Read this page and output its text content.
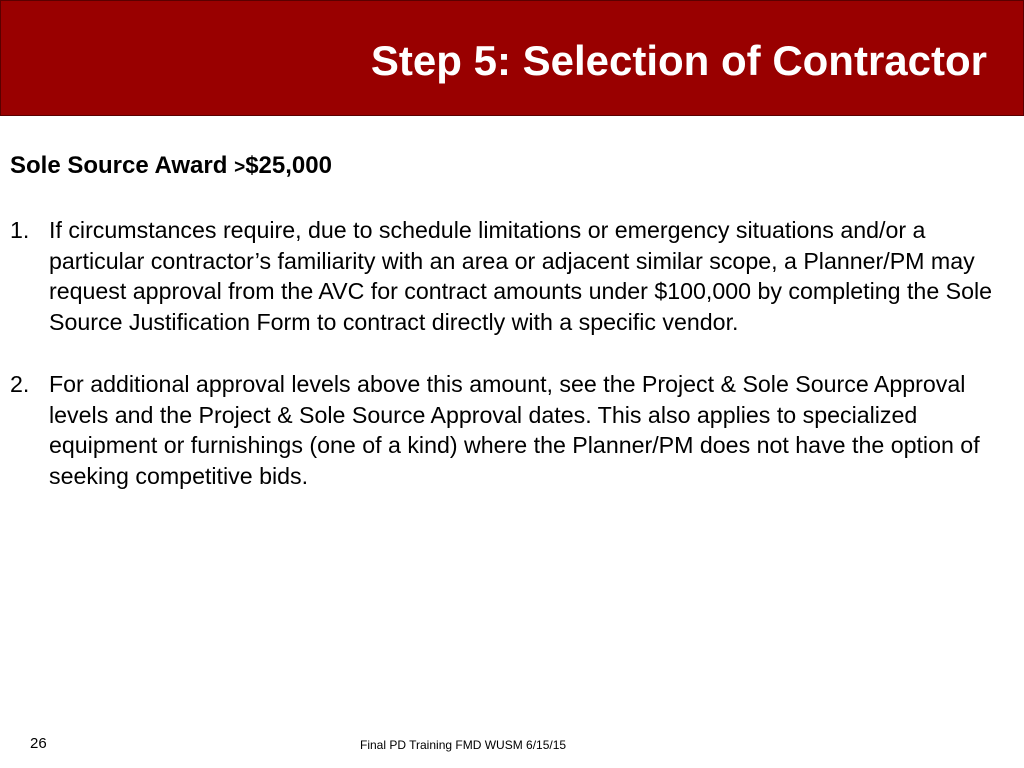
Step 5: Selection of Contractor
Sole Source Award >$25,000
1. If circumstances require, due to schedule limitations or emergency situations and/or a particular contractor’s familiarity with an area or adjacent similar scope, a Planner/PM may request approval from the AVC for contract amounts under $100,000 by completing the Sole Source Justification Form to contract directly with a specific vendor.
2. For additional approval levels above this amount, see the Project & Sole Source Approval levels and the Project & Sole Source Approval dates. This also applies to specialized equipment or furnishings (one of a kind) where the Planner/PM does not have the option of seeking competitive bids.
26	Final PD Training FMD WUSM 6/15/15
